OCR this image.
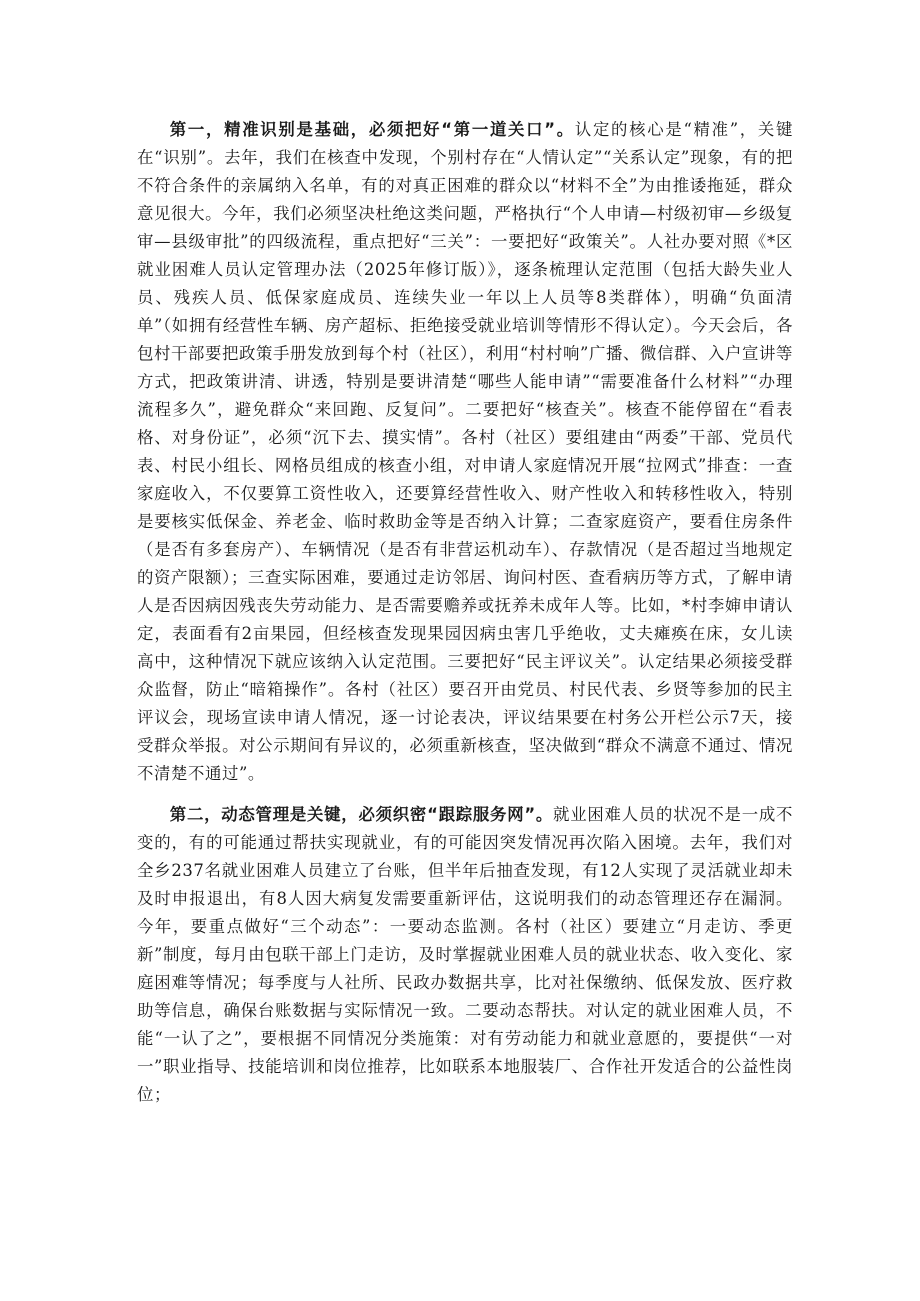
第一，精准识别是基础，必须把好“第一道关口”。认定的核心是“精准”，关键在“识别”。去年，我们在核查中发现，个别村存在“人情认定”“关系认定”现象，有的把不符合条件的亲属纳入名单，有的对真正困难的群众以“材料不全”为由推诿拖延，群众意见很大。今年，我们必须坚决杜绝这类问题，严格执行“个人申请—村级初审—乡级复审—县级审批”的四级流程，重点把好“三关”：一要把好“政策关”。人社办要对照《*区就业困难人员认定管理办法（2025年修订版）》，逐条梳理认定范围（包括大龄失业人员、残疾人员、低保家庭成员、连续失业一年以上人员等8类群体），明确“负面清单”（如拥有经营性车辆、房产超标、拒绝接受就业培训等情形不得认定）。今天会后，各包村干部要把政策手册发放到每个村（社区），利用“村村响”广播、微信群、入户宣讲等方式，把政策讲清、讲透，特别是要讲清楚“哪些人能申请”“需要准备什么材料”“办理流程多久”，避免群众“来回跑、反复问”。二要把好“核查关”。核查不能停留在“看表格、对身份证”，必须“沉下去、摸实情”。各村（社区）要组建由“两委”干部、党员代表、村民小组长、网格员组成的核查小组，对申请人家庭情况开展“拉网式”排查：一查家庭收入，不仅要算工资性收入，还要算经营性收入、财产性收入和转移性收入，特别是要核实低保金、养老金、临时救助金等是否纳入计算；二查家庭资产，要看住房条件（是否有多套房产）、车辆情况（是否有非营运机动车）、存款情况（是否超过当地规定的资产限额）；三查实际困难，要通过走访邻居、询问村医、查看病历等方式，了解申请人是否因病因残丧失劳动能力、是否需要赡养或抚养未成年人等。比如，*村李婶申请认定，表面看有2亩果园，但经核查发现果园因病虫害几乎绝收，丈夫瘫痪在床，女儿读高中，这种情况下就应该纳入认定范围。三要把好“民主评议关”。认定结果必须接受群众监督，防止“暗箱操作”。各村（社区）要召开由党员、村民代表、乡贤等参加的民主评议会，现场宣读申请人情况，逐一讨论表决，评议结果要在村务公开栏公示7天，接受群众举报。对公示期间有异议的，必须重新核查，坚决做到“群众不满意不通过、情况不清楚不通过”。

第二，动态管理是关键，必须织密“跟踪服务网”。就业困难人员的状况不是一成不变的，有的可能通过帮扶实现就业，有的可能因突发情况再次陷入困境。去年，我们对全乡237名就业困难人员建立了台账，但半年后抽查发现，有12人实现了灵活就业却未及时申报退出，有8人因大病复发需要重新评估，这说明我们的动态管理还存在漏洞。今年，要重点做好“三个动态”：一要动态监测。各村（社区）要建立“月走访、季更新”制度，每月由包联干部上门走访，及时掌握就业困难人员的就业状态、收入变化、家庭困难等情况；每季度与人社所、民政办数据共享，比对社保缴纳、低保发放、医疗救助等信息，确保台账数据与实际情况一致。二要动态帮扶。对认定的就业困难人员，不能“一认了之”，要根据不同情况分类施策：对有劳动能力和就业意愿的，要提供“一对一”职业指导、技能培训和岗位推荐，比如联系本地服装厂、合作社开发适合的公益性岗位；
